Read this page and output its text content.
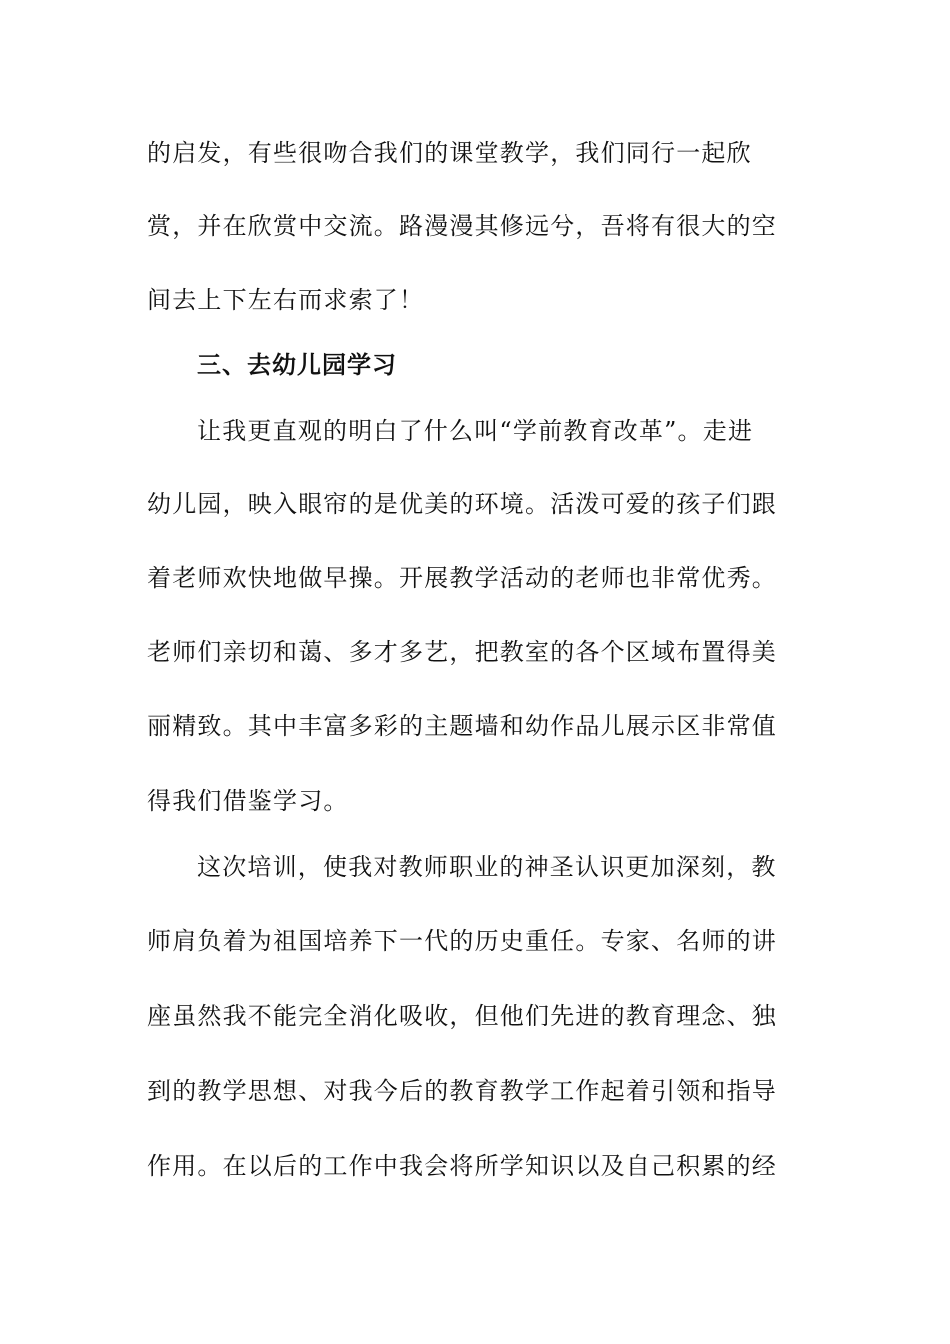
的启发，有些很吻合我们的课堂教学，我们同行一起欣
赏，并在欣赏中交流。路漫漫其修远兮，吾将有很大的空
间去上下左右而求索了！
三、去幼儿园学习
让我更直观的明白了什么叫“学前教育改革”。走进
幼儿园，映入眼帘的是优美的环境。活泼可爱的孩子们跟
着老师欢快地做早操。开展教学活动的老师也非常优秀。
老师们亲切和蔼、多才多艺，把教室的各个区域布置得美
丽精致。其中丰富多彩的主题墙和幼作品儿展示区非常值
得我们借鉴学习。
这次培训，使我对教师职业的神圣认识更加深刻，教
师肩负着为祖国培养下一代的历史重任。专家、名师的讲
座虽然我不能完全消化吸收，但他们先进的教育理念、独
到的教学思想、对我今后的教育教学工作起着引领和指导
作用。在以后的工作中我会将所学知识以及自己积累的经
